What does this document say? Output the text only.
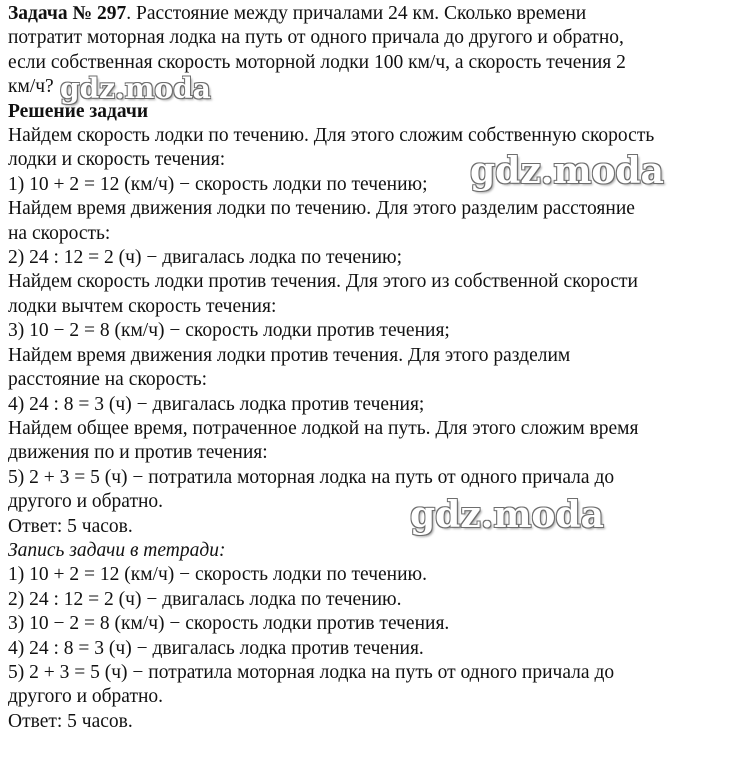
Задача № 297. Расстояние между причалами 24 км. Сколько времени

потратит моторная лодка на путь от одного причала до другого и обратно,

если собственная скорость моторной лодки 100 км/ч, а скорость течения 2

км/ч?

Решение задачи

Найдем скорость лодки по течению. Для этого сложим собственную скорость

лодки и скорость течения:

1) 10 + 2 = 12 (км/ч) − скорость лодки по течению;

Найдем время движения лодки по течению. Для этого разделим расстояние

на скорость:

2) 24 : 12 = 2 (ч) − двигалась лодка по течению;

Найдем скорость лодки против течения. Для этого из собственной скорости

лодки вычтем скорость течения:

3) 10 − 2 = 8 (км/ч) − скорость лодки против течения;

Найдем время движения лодки против течения. Для этого разделим

расстояние на скорость:

4) 24 : 8 = 3 (ч) − двигалась лодка против течения;

Найдем общее время, потраченное лодкой на путь. Для этого сложим время

движения по и против течения:

5) 2 + 3 = 5 (ч) − потратила моторная лодка на путь от одного причала до

другого и обратно.

Ответ: 5 часов.

Запись задачи в тетради:

1) 10 + 2 = 12 (км/ч) − скорость лодки по течению.

2) 24 : 12 = 2 (ч) − двигалась лодка по течению.

3) 10 − 2 = 8 (км/ч) − скорость лодки против течения.

4) 24 : 8 = 3 (ч) − двигалась лодка против течения.

5) 2 + 3 = 5 (ч) − потратила моторная лодка на путь от одного причала до

другого и обратно.

Ответ: 5 часов.

gdz.moda
gdz.moda
gdz.moda
